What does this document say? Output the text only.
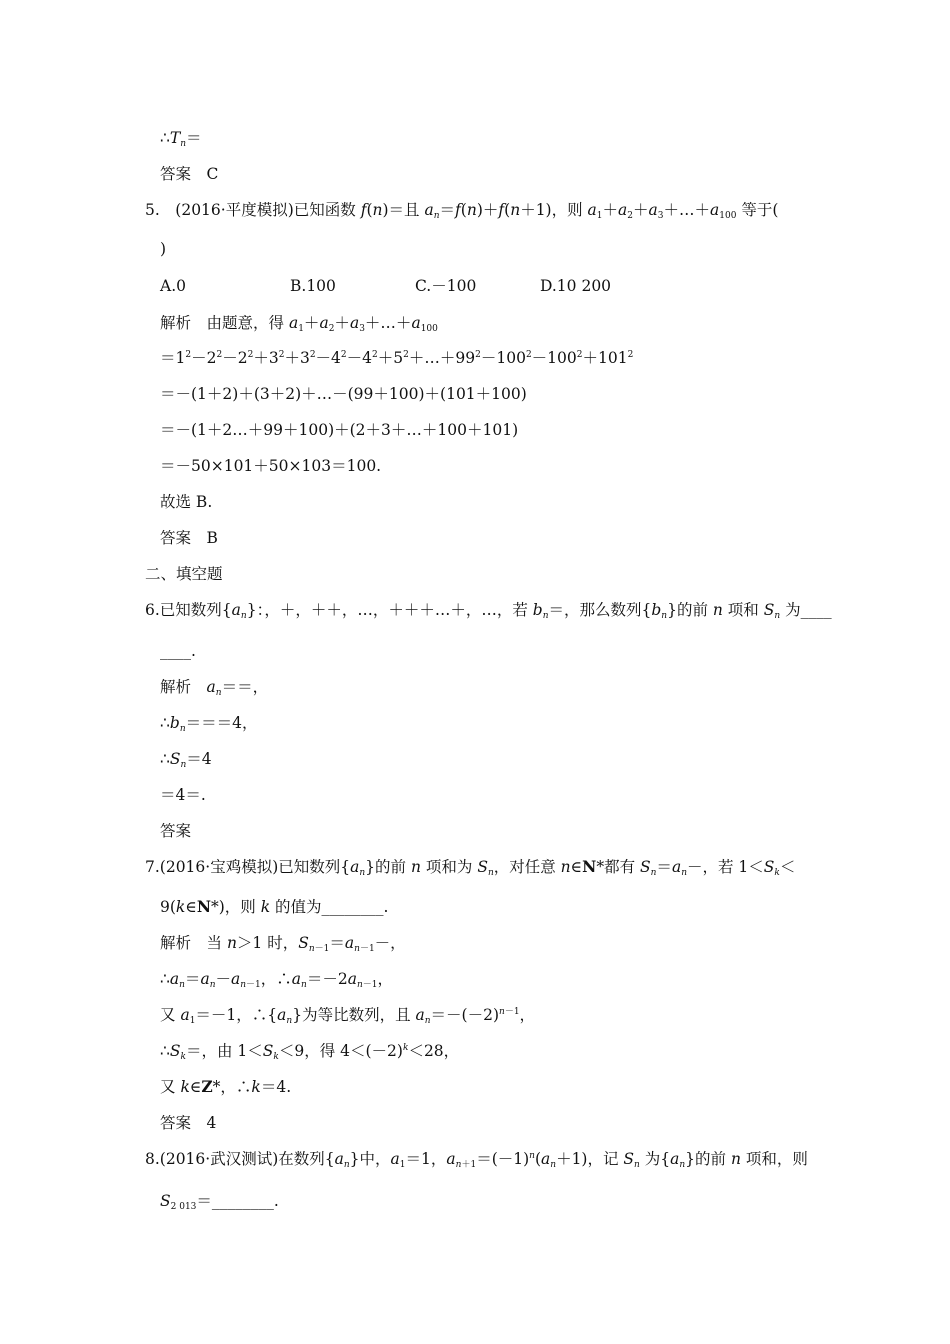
$\therefore T_n=$
答案　C
5.　(2016·平度模拟)已知函数 f(n)＝且 $a_n=f(n)+f(n+1)$，则 $a_1+a_2+a_3+\dots+a_{100}$ 等于(
)
A.0	B.100	C.－100	D.10 200
解析　由题意，得 $a_1+a_2+a_3+\dots+a_{100}$
$=1^2-2^2-2^2+3^2+3^2-4^2-4^2+5^2+\dots+99^2-100^2-100^2+101^2$
＝－(1＋2)＋(3＋2)＋…－(99＋100)＋(101＋100)
＝－(1＋2…＋99＋100)＋(2＋3＋…＋100＋101)
＝－50×101＋50×103＝100.
故选 B.
答案　B
二、填空题
6.已知数列$\{a_n\}$：，＋，＋＋，…，＋＋＋…＋，…，若 $b_n=$，那么数列$\{b_n\}$的前 n 项和 $S_n$ 为____
____.
解析　$a_n==$，
$\therefore b_n===4$，
$\therefore S_n=4$
＝4＝.
答案
7.(2016·宝鸡模拟)已知数列$\{a_n\}$的前 n 项和为 $S_n$，对任意 n∈N*都有 $S_n=a_n-$，若 $1<S_k<$
9(k∈N*)，则 k 的值为________.
解析　当 n＞1 时，$S_{n-1}=a_{n-1}-$，
$\therefore a_n=a_n-a_{n-1}$，$\therefore a_n=-2a_{n-1}$，
又 $a_1=-1$，$\therefore\{a_n\}$为等比数列，且 $a_n=-(-2)^{n-1}$，
$\therefore S_k=$，由 $1<S_k<9$，得 $4<(-2)^k<28$，
又 k∈Z*，∴k＝4.
答案　4
8.(2016·武汉测试)在数列$\{a_n\}$中，$a_1=1$，$a_{n+1}=(-1)^n(a_n+1)$，记 $S_n$ 为$\{a_n\}$的前 n 项和，则
$S_{2 013}=\_\_\_\_\_\_\_\_$.
